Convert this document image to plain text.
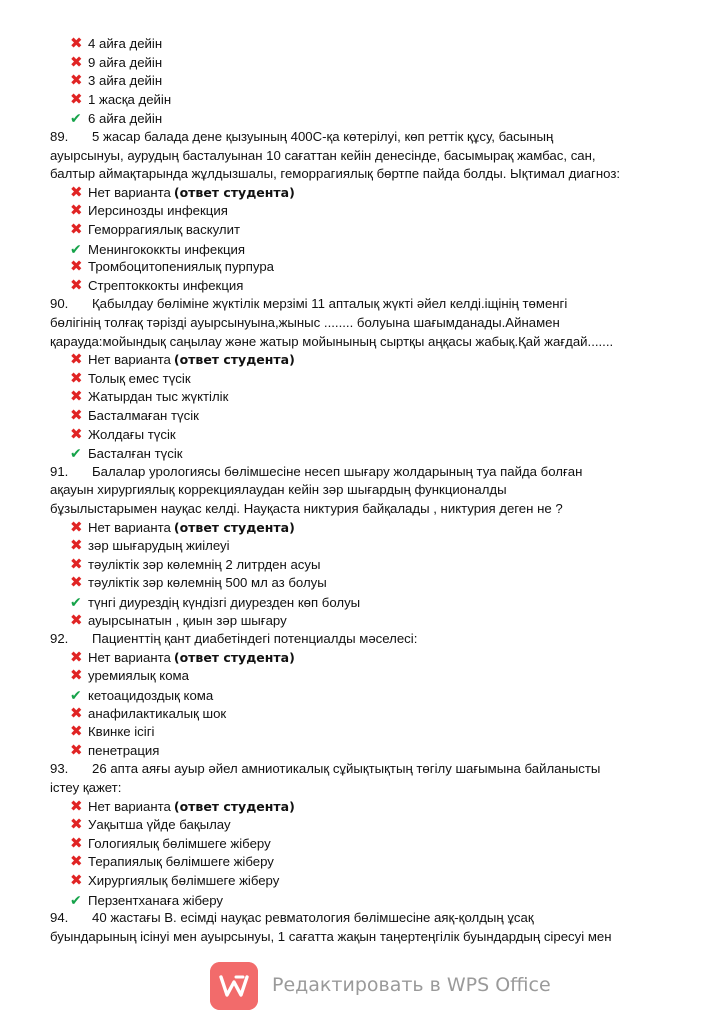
✖ 4 айға дейін
✖ 9 айға дейін
✖ 3 айға дейін
✖ 1 жасқа дейін
✔ 6 айға дейін
89. 5 жасар балада дене қызуының 400С-қа көтерілуі, көп реттік құсу, басының
ауырсынуы, аурудың басталуынан 10 сағаттан кейін денесінде, басымырақ жамбас, сан,
балтыр аймақтарында жұлдызшалы, геморрагиялық бөртпе пайда болды. Ықтимал диагноз:
✖ Нет варианта (ответ студента)
✖ Иерсинозды инфекция
✖ Геморрагиялық васкулит
✔ Менингококкты инфекция
✖ Тромбоцитопениялық пурпура
✖ Стрептоккокты инфекция
90. Қабылдау бөліміне жүктілік мерзімі 11 апталық жүкті әйел келді.іщінің төменгі
бөлігінің толғақ тәрізді ауырсынуына,жыныс ........ болуына шағымданады.Айнамен
қарауда:мойындық саңылау және жатыр мойынының сыртқы аңқасы жабық.Қай жағдай.......
✖ Нет варианта (ответ студента)
✖ Толық емес түсік
✖ Жатырдан тыс жүктілік
✖ Басталмаған түсік
✖ Жолдағы түсік
✔ Басталған түсік
91. Балалар урологиясы бөлімшесіне несеп шығару жолдарының туа пайда болған
ақауын хирургиялық коррекциялаудан кейін зәр шығардың функционалды
бұзылыстарымен науқас келді. Науқаста никтурия байқалады , никтурия деген не ?
✖ Нет варианта (ответ студента)
✖ зәр шығарудың жиілеуі
✖ тәуліктік зәр көлемнің 2 литрден асуы
✖ тәуліктік зәр көлемнің 500 мл аз болуы
✔ түнгі диурездің күндізгі диурезден көп болуы
✖ ауырсынатын , қиын зәр шығару
92. Пациенттің қант диабетіндегі потенциалды мәселесі:
✖ Нет варианта (ответ студента)
✖ уремиялық кома
✔ кетоацидоздық кома
✖ анафилактикалық шок
✖ Квинке ісігі
✖ пенетрация
93. 26 апта аяғы ауыр әйел амниотикалық сұйықтықтың төгілу шағымына байланысты
істеу қажет:
✖ Нет варианта (ответ студента)
✖ Уақытша үйде бақылау
✖ Гологиялық бөлімшеге жіберу
✖ Терапиялық бөлімшеге жіберу
✖ Хирургиялық бөлімшеге жіберу
✔ Перзентханаға жіберу
94. 40 жастағы В. есімді науқас ревматология бөлімшесіне аяқ-қолдың ұсақ
буындарының ісінуі мен ауырсынуы, 1 сағатта жақын таңертеңгілік буындардың сіресуі мен
Редактировать в WPS Office
